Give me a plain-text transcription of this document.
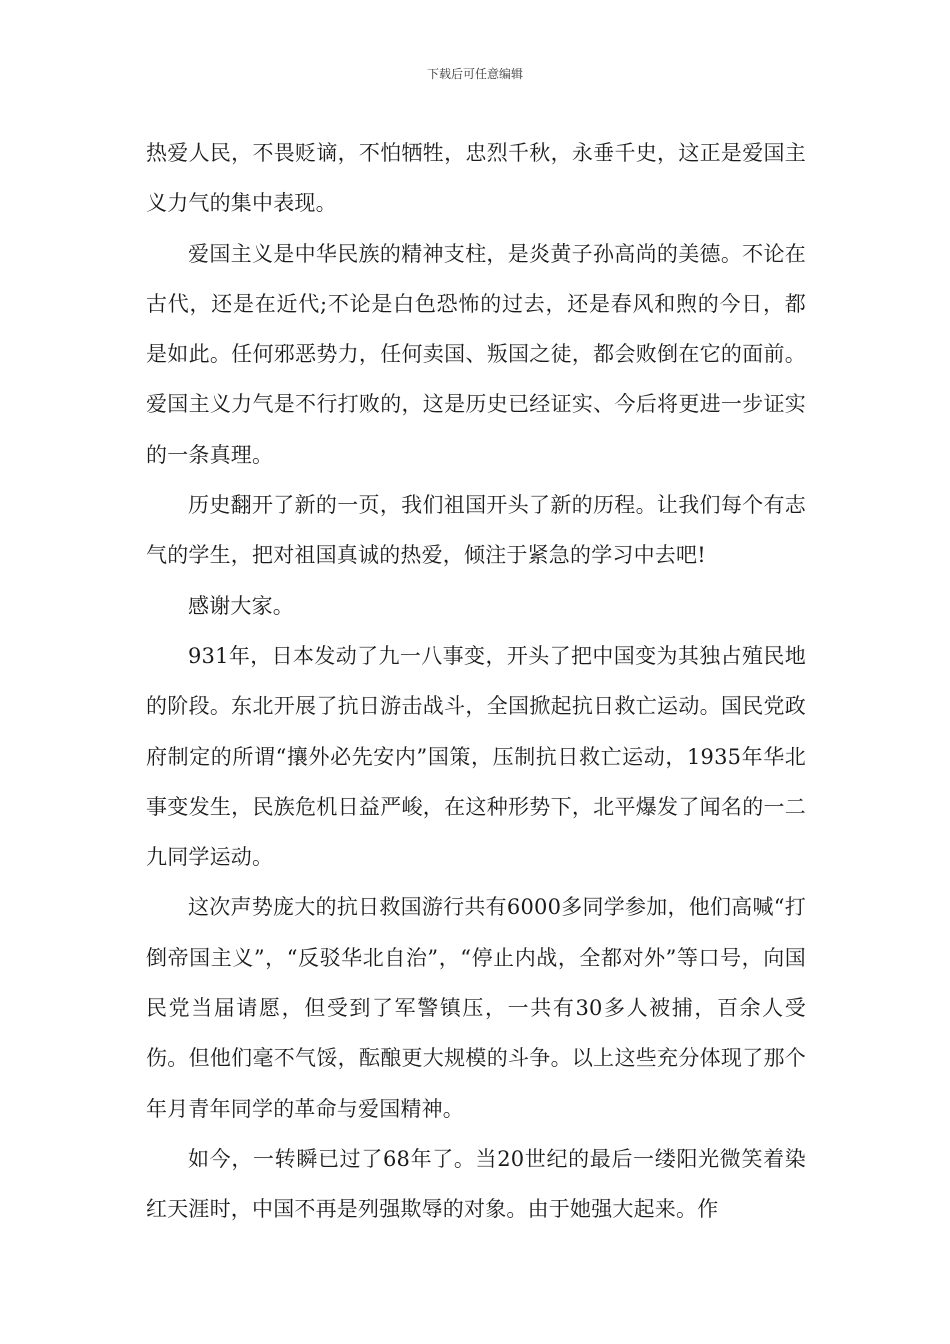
下载后可任意编辑

热爱人民，不畏贬谪，不怕牺牲，忠烈千秋，永垂千史，这正是爱国主义力气的集中表现。

爱国主义是中华民族的精神支柱，是炎黄子孙高尚的美德。不论在古代，还是在近代;不论是白色恐怖的过去，还是春风和煦的今日，都是如此。任何邪恶势力，任何卖国、叛国之徒，都会败倒在它的面前。爱国主义力气是不行打败的，这是历史已经证实、今后将更进一步证实的一条真理。

历史翻开了新的一页，我们祖国开头了新的历程。让我们每个有志气的学生，把对祖国真诚的热爱，倾注于紧急的学习中去吧!

感谢大家。

931年，日本发动了九一八事变，开头了把中国变为其独占殖民地的阶段。东北开展了抗日游击战斗，全国掀起抗日救亡运动。国民党政府制定的所谓“攘外必先安内”国策，压制抗日救亡运动，1935年华北事变发生，民族危机日益严峻，在这种形势下，北平爆发了闻名的一二九同学运动。

这次声势庞大的抗日救国游行共有6000多同学参加，他们高喊“打倒帝国主义”，“反驳华北自治”，“停止内战，全都对外”等口号，向国民党当届请愿，但受到了军警镇压，一共有30多人被捕，百余人受伤。但他们毫不气馁，酝酿更大规模的斗争。以上这些充分体现了那个年月青年同学的革命与爱国精神。

如今，一转瞬已过了68年了。当20世纪的最后一缕阳光微笑着染红天涯时，中国不再是列强欺辱的对象。由于她强大起来。作
